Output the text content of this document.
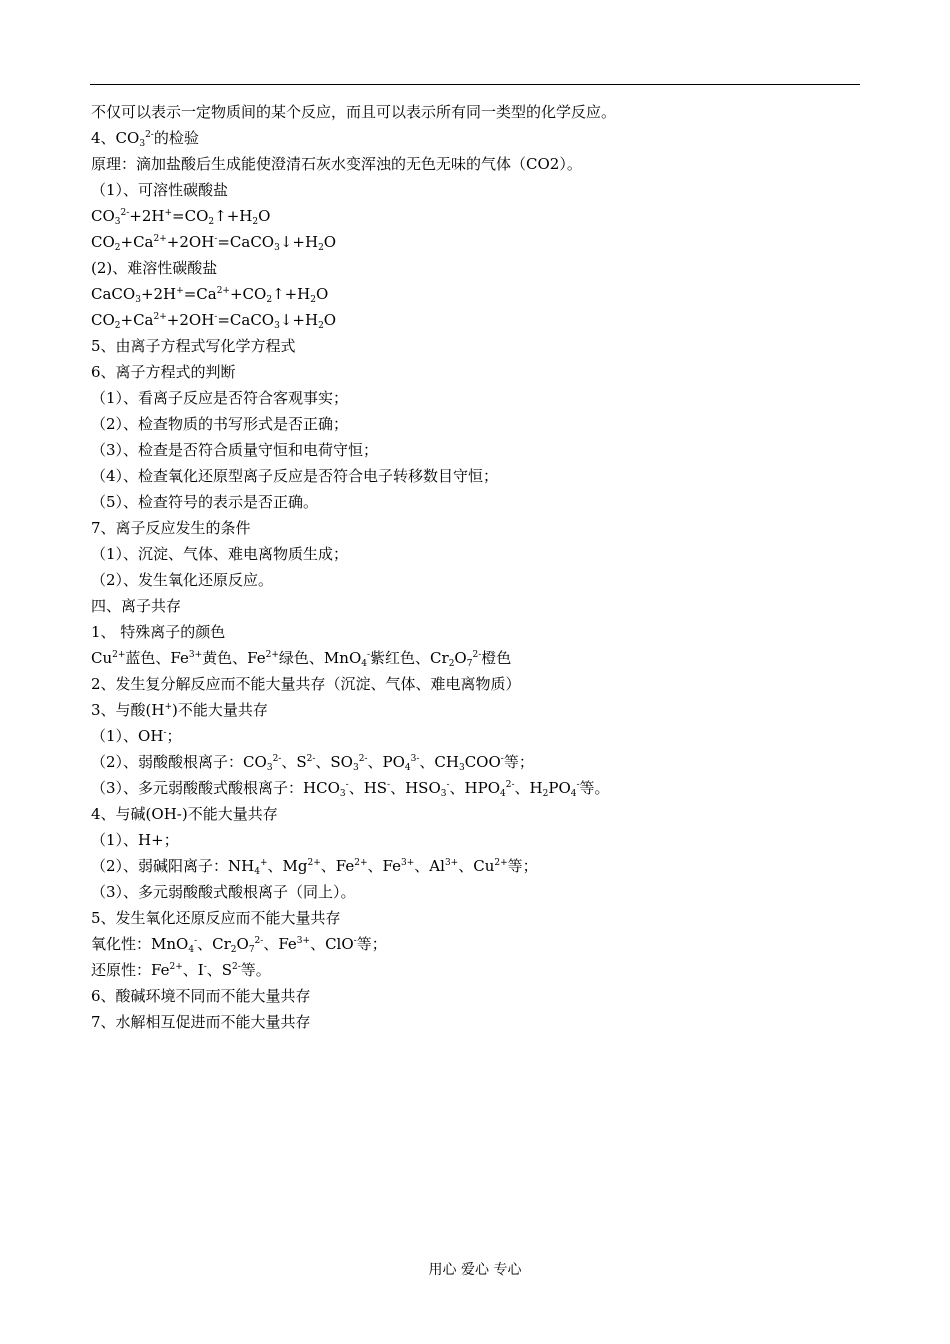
不仅可以表示一定物质间的某个反应，而且可以表示所有同一类型的化学反应。
4、$CO_3^{2-}$的检验
原理：滴加盐酸后生成能使澄清石灰水变浑浊的无色无味的气体（CO2）。
（1）、可溶性碳酸盐
$CO_3^{2-}+2H^+=CO_2↑+H_2O$
$CO_2+Ca^{2+}+2OH^-=CaCO_3↓+H_2O$
(2)、难溶性碳酸盐
$CaCO_3+2H^+=Ca^{2+}+CO_2↑+H_2O$
$CO_2+Ca^{2+}+2OH^-=CaCO_3↓+H_2O$
5、由离子方程式写化学方程式
6、离子方程式的判断
（1）、看离子反应是否符合客观事实；
（2）、检查物质的书写形式是否正确；
（3）、检查是否符合质量守恒和电荷守恒；
（4）、检查氧化还原型离子反应是否符合电子转移数目守恒；
（5）、检查符号的表示是否正确。
7、离子反应发生的条件
（1）、沉淀、气体、难电离物质生成；
（2）、发生氧化还原反应。
四、离子共存
1、 特殊离子的颜色
$Cu^{2+}$蓝色、$Fe^{3+}$黄色、$Fe^{2+}$绿色、MnO$_4$-紫红色、$Cr_2O_7^{2-}$橙色
2、发生复分解反应而不能大量共存（沉淀、气体、难电离物质）
3、与酸(H+)不能大量共存
（1）、OH-；
（2）、弱酸酸根离子：$CO_3^{2-}$、$S^{2-}$、$SO_3^{2-}$、$PO_4^{3-}$、$CH_3COO^-$等；
（3）、多元弱酸酸式酸根离子：$HCO_3^-$、HS-、$HSO_3^-$、$HPO_4^{2-}$、$H_2PO_4^-$等。
4、与碱(OH-)不能大量共存
（1）、H+；
（2）、弱碱阳离子：$NH_4^+$、$Mg^{2+}$、$Fe^{2+}$、$Fe^{3+}$、$Al^{3+}$、$Cu^{2+}$等；
（3）、多元弱酸酸式酸根离子（同上）。
5、发生氧化还原反应而不能大量共存
氧化性：MnO$_4$-、$Cr_2O_7^{2-}$、$Fe^{3+}$、ClO-等；
还原性：$Fe^{2+}$、I-、$S^{2-}$等。
6、酸碱环境不同而不能大量共存
7、水解相互促进而不能大量共存
用心 爱心 专心
